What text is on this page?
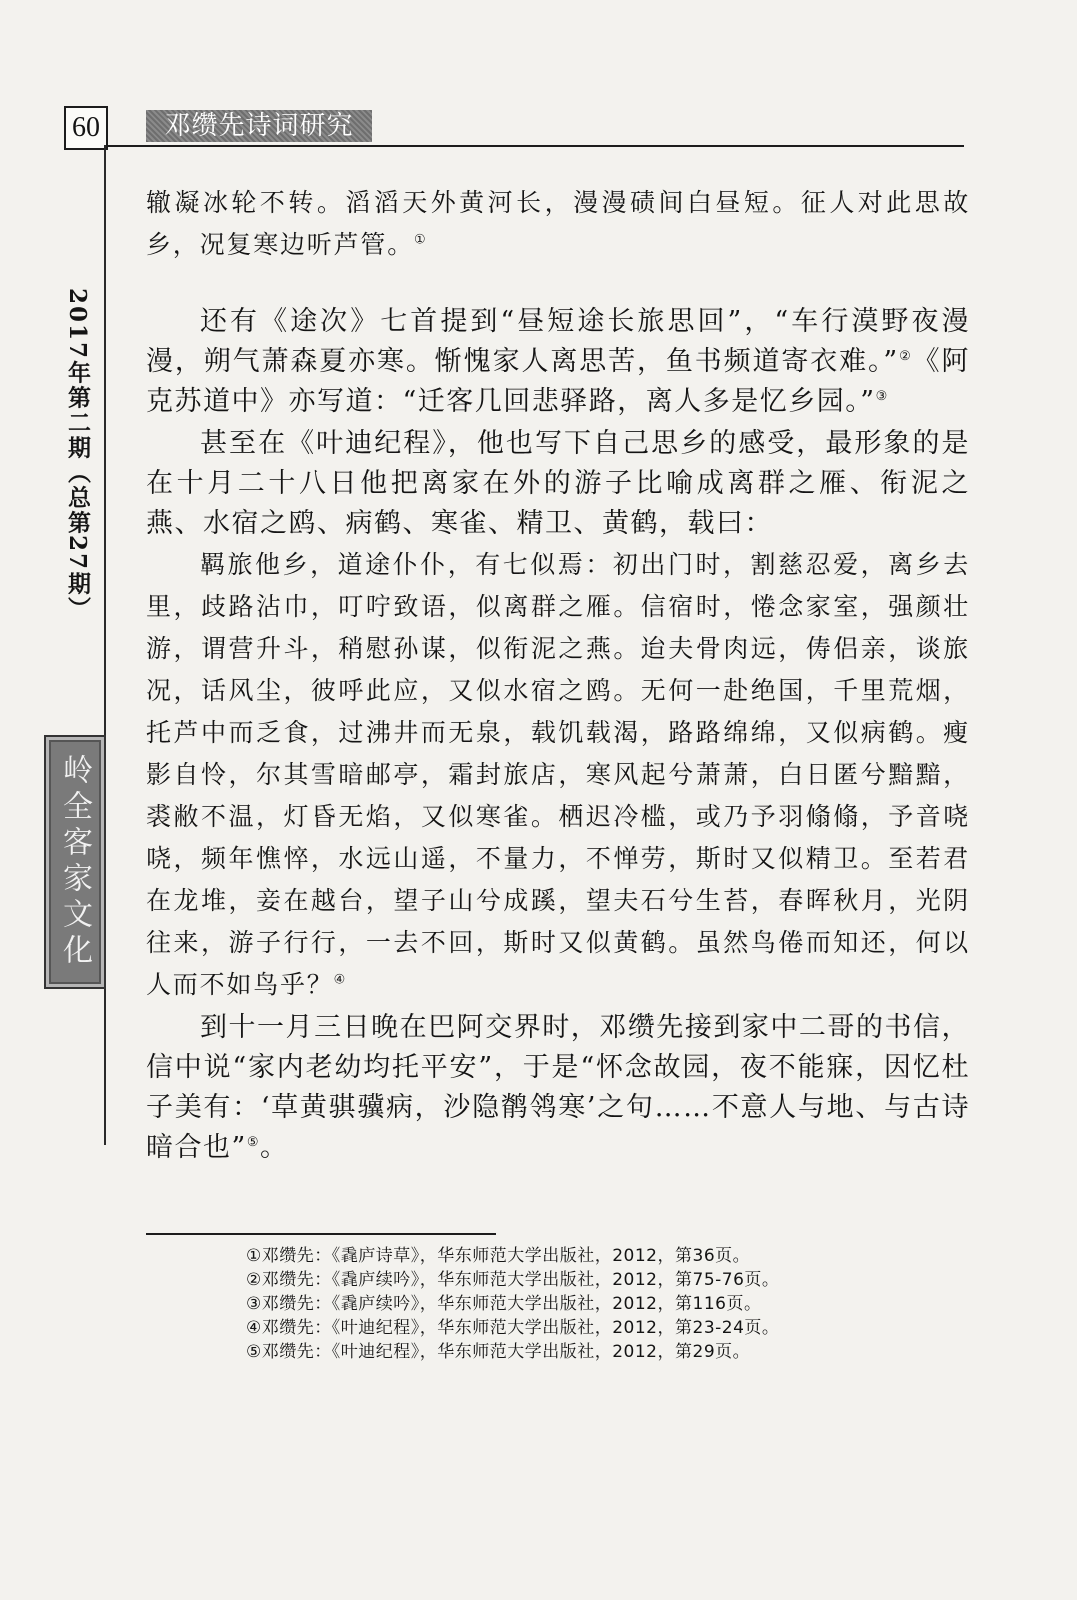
60	邓缵先诗词研究
2017年第二期（总第27期）
岭全客家文化

辙凝冰轮不转。滔滔天外黄河长，漫漫碛间白昼短。征人对此思故乡，况复寒边听芦管。①

还有《途次》七首提到“昼短途长旅思回”，“车行漠野夜漫漫，朔气萧森夏亦寒。惭愧家人离思苦，鱼书频道寄衣难。”②《阿克苏道中》亦写道：“迁客几回悲驿路，离人多是忆乡园。”③

甚至在《叶迪纪程》，他也写下自己思乡的感受，最形象的是在十月二十八日他把离家在外的游子比喻成离群之雁、衔泥之燕、水宿之鸥、病鹤、寒雀、精卫、黄鹤，载曰：

羁旅他乡，道途仆仆，有七似焉：初出门时，割慈忍爱，离乡去里，歧路沾巾，叮咛致语，似离群之雁。信宿时，惓念家室，强颜壮游，谓营升斗，稍慰孙谋，似衔泥之燕。迨夫骨肉远，俦侣亲，谈旅况，话风尘，彼呼此应，又似水宿之鸥。无何一赴绝国，千里荒烟，托芦中而乏食，过沸井而无泉，载饥载渴，路路绵绵，又似病鹤。瘦影自怜，尔其雪暗邮亭，霜封旅店，寒风起兮萧萧，白日匿兮黯黯，裘敝不温，灯昏无焰，又似寒雀。栖迟冷槛，或乃予羽翛翛，予音哓哓，频年憔悴，水远山遥，不量力，不惮劳，斯时又似精卫。至若君在龙堆，妾在越台，望子山兮成蹊，望夫石兮生苔，春晖秋月，光阴往来，游子行行，一去不回，斯时又似黄鹤。虽然鸟倦而知还，何以人而不如鸟乎？④

到十一月三日晚在巴阿交界时，邓缵先接到家中二哥的书信，信中说“家内老幼均托平安”，于是“怀念故园，夜不能寐，因忆杜子美有：‘草黄骐骥病，沙隐鹡鸰寒’之句……不意人与地、与古诗暗合也”⑤。

①邓缵先：《毳庐诗草》，华东师范大学出版社，2012，第36页。
②邓缵先：《毳庐续吟》，华东师范大学出版社，2012，第75-76页。
③邓缵先：《毳庐续吟》，华东师范大学出版社，2012，第116页。
④邓缵先：《叶迪纪程》，华东师范大学出版社，2012，第23-24页。
⑤邓缵先：《叶迪纪程》，华东师范大学出版社，2012，第29页。
